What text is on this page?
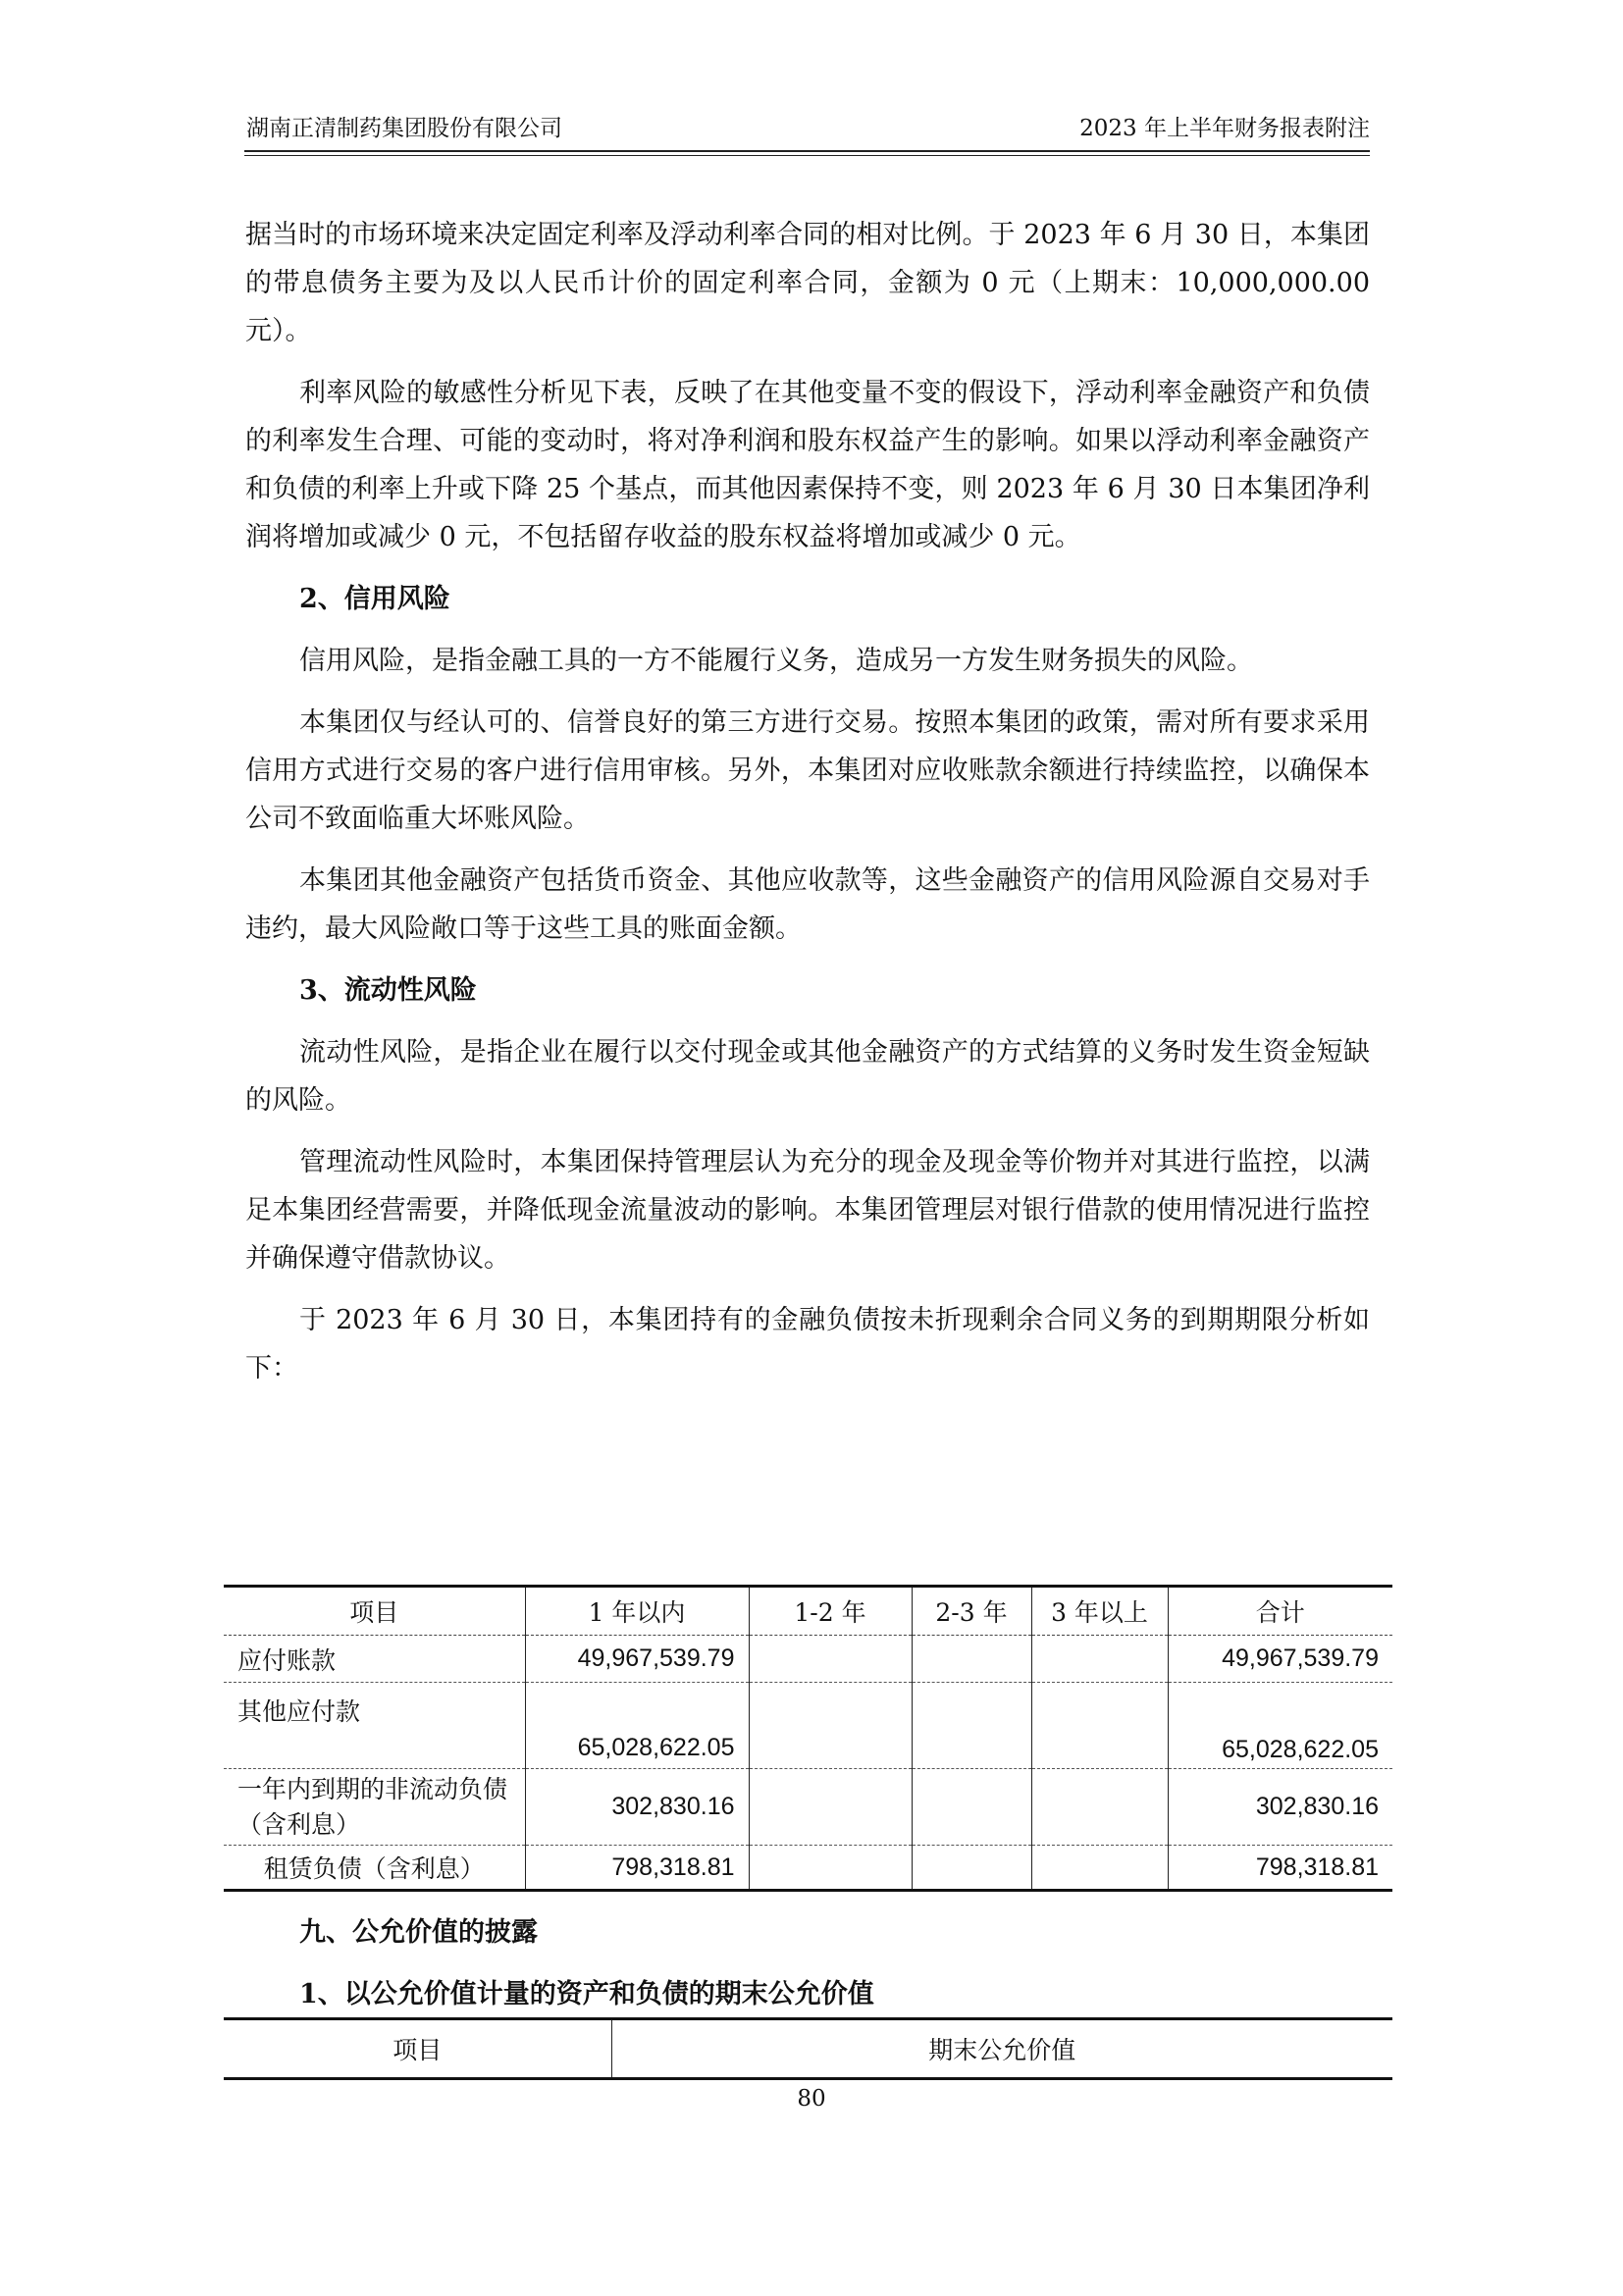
湖南正清制药集团股份有限公司	2023 年上半年财务报表附注

据当时的市场环境来决定固定利率及浮动利率合同的相对比例。于 2023 年 6 月 30 日，本集团的带息债务主要为及以人民币计价的固定利率合同，金额为 0 元（上期末：10,000,000.00 元）。

利率风险的敏感性分析见下表，反映了在其他变量不变的假设下，浮动利率金融资产和负债的利率发生合理、可能的变动时，将对净利润和股东权益产生的影响。如果以浮动利率金融资产和负债的利率上升或下降 25 个基点，而其他因素保持不变，则 2023 年 6 月 30 日本集团净利润将增加或减少 0 元，不包括留存收益的股东权益将增加或减少 0 元。

2、信用风险

信用风险，是指金融工具的一方不能履行义务，造成另一方发生财务损失的风险。

本集团仅与经认可的、信誉良好的第三方进行交易。按照本集团的政策，需对所有要求采用信用方式进行交易的客户进行信用审核。另外，本集团对应收账款余额进行持续监控，以确保本公司不致面临重大坏账风险。

本集团其他金融资产包括货币资金、其他应收款等，这些金融资产的信用风险源自交易对手违约，最大风险敞口等于这些工具的账面金额。

3、流动性风险

流动性风险，是指企业在履行以交付现金或其他金融资产的方式结算的义务时发生资金短缺的风险。

管理流动性风险时，本集团保持管理层认为充分的现金及现金等价物并对其进行监控，以满足本集团经营需要，并降低现金流量波动的影响。本集团管理层对银行借款的使用情况进行监控并确保遵守借款协议。

于 2023 年 6 月 30 日，本集团持有的金融负债按未折现剩余合同义务的到期期限分析如下：

项目	1 年以内	1-2 年	2-3 年	3 年以上	合计
应付账款	49,967,539.79				49,967,539.79
其他应付款	65,028,622.05				65,028,622.05
一年内到期的非流动负债（含利息）	302,830.16				302,830.16
租赁负债（含利息）	798,318.81				798,318.81

九、公允价值的披露

1、以公允价值计量的资产和负债的期末公允价值

项目	期末公允价值
80
